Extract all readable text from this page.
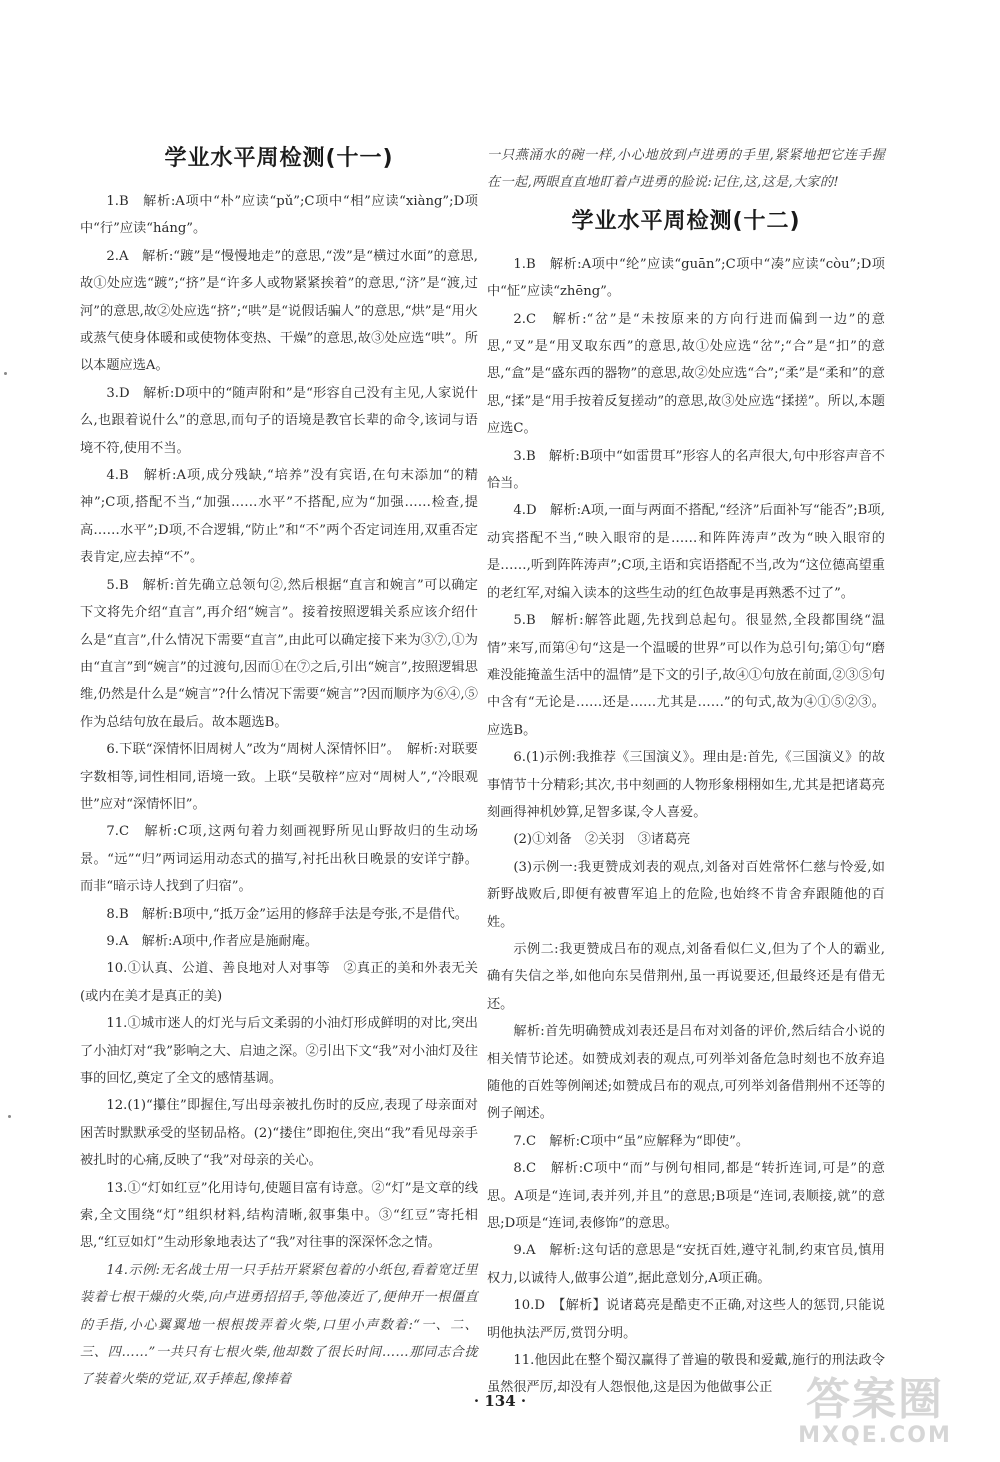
学业水平周检测(十一)

1.B　解析:A项中“朴”应读“pǔ”;C项中“相”应读“xiàng”;D项中“行”应读“háng”。

2.A　解析:“踱”是“慢慢地走”的意思,“泼”是“横过水面”的意思,故①处应选“踱”;“挤”是“许多人或物紧紧挨着”的意思,“济”是“渡,过河”的意思,故②处应选“挤”;“哄”是“说假话骗人”的意思,“烘”是“用火或蒸气使身体暖和或使物体变热、干燥”的意思,故③处应选“哄”。所以本题应选A。

3.D　解析:D项中的“随声附和”是“形容自己没有主见,人家说什么,也跟着说什么”的意思,而句子的语境是教官长辈的命令,该词与语境不符,使用不当。

4.B　解析:A项,成分残缺,“培养”没有宾语,在句末添加“的精神”;C项,搭配不当,“加强……水平”不搭配,应为“加强……检查,提高……水平”;D项,不合逻辑,“防止”和“不”两个否定词连用,双重否定表肯定,应去掉“不”。

5.B　解析:首先确立总领句②,然后根据“直言和婉言”可以确定下文将先介绍“直言”,再介绍“婉言”。接着按照逻辑关系应该介绍什么是“直言”,什么情况下需要“直言”,由此可以确定接下来为③⑦,①为由“直言”到“婉言”的过渡句,因而①在⑦之后,引出“婉言”,按照逻辑思维,仍然是什么是“婉言”?什么情况下需要“婉言”?因而顺序为⑥④,⑤作为总结句放在最后。故本题选B。

6.下联“深情怀旧周树人”改为“周树人深情怀旧”。　解析:对联要字数相等,词性相同,语境一致。上联“吴敬梓”应对“周树人”,“冷眼观世”应对“深情怀旧”。

7.C　解析:C项,这两句着力刻画视野所见山野故归的生动场景。“远”“归”两词运用动态式的描写,衬托出秋日晚景的安详宁静。而非“暗示诗人找到了归宿”。

8.B　解析:B项中,“抵万金”运用的修辞手法是夸张,不是借代。

9.A　解析:A项中,作者应是施耐庵。

10.①认真、公道、善良地对人对事等　②真正的美和外表无关(或内在美才是真正的美)

11.①城市迷人的灯光与后文柔弱的小油灯形成鲜明的对比,突出了小油灯对“我”影响之大、启迪之深。②引出下文“我”对小油灯及往事的回忆,奠定了全文的感情基调。

12.(1)“攥住”即握住,写出母亲被扎伤时的反应,表现了母亲面对困苦时默默承受的坚韧品格。(2)“搂住”即抱住,突出“我”看见母亲手被扎时的心痛,反映了“我”对母亲的关心。

13.①“灯如红豆”化用诗句,使题目富有诗意。②“灯”是文章的线索,全文围绕“灯”组织材料,结构清晰,叙事集中。③“红豆”寄托相思,“红豆如灯”生动形象地表达了“我”对往事的深深怀念之情。

14.示例:无名战士用一只手拈开紧紧包着的小纸包,看着宽迁里装着七根干燥的火柴,向卢进勇招招手,等他凑近了,便伸开一根僵直的手指,小心翼翼地一根根拨弄着火柴,口里小声数着:“一、二、三、四……”一共只有七根火柴,他却数了很长时间……那同志合拢了装着火柴的党证,双手捧起,像捧着

一只燕涌水的碗一样,小心地放到卢进勇的手里,紧紧地把它连手握在一起,两眼直直地盯着卢进勇的脸说:记住,这,这是,大家的!

学业水平周检测(十二)

1.B　解析:A项中“纶”应读“guān”;C项中“凑”应读“còu”;D项中“怔”应读“zhēng”。

2.C　解析:“岔”是“未按原来的方向行进而偏到一边”的意思,“叉”是“用叉取东西”的意思,故①处应选“岔”;“合”是“扣”的意思,“盒”是“盛东西的器物”的意思,故②处应选“合”;“柔”是“柔和”的意思,“揉”是“用手按着反复搓动”的意思,故③处应选“揉搓”。所以,本题应选C。

3.B　解析:B项中“如雷贯耳”形容人的名声很大,句中形容声音不恰当。

4.D　解析:A项,一面与两面不搭配,“经济”后面补写“能否”;B项,动宾搭配不当,“映入眼帘的是……和阵阵涛声”改为“映入眼帘的是……,听到阵阵涛声”;C项,主语和宾语搭配不当,改为“这位德高望重的老红军,对编入读本的这些生动的红色故事是再熟悉不过了”。

5.B　解析:解答此题,先找到总起句。很显然,全段都围绕“温情”来写,而第④句“这是一个温暖的世界”可以作为总引句;第①句“磨难没能掩盖生活中的温情”是下文的引子,故④①句放在前面,②③⑤句中含有“无论是……还是……尤其是……”的句式,故为④①⑤②③。应选B。

6.(1)示例:我推荐《三国演义》。理由是:首先,《三国演义》的故事情节十分精彩;其次,书中刻画的人物形象栩栩如生,尤其是把诸葛亮刻画得神机妙算,足智多谋,令人喜爱。

(2)①刘备　②关羽　③诸葛亮

(3)示例一:我更赞成刘表的观点,刘备对百姓常怀仁慈与怜爱,如新野战败后,即便有被曹军追上的危险,也始终不肯舍弃跟随他的百姓。

示例二:我更赞成吕布的观点,刘备看似仁义,但为了个人的霸业,确有失信之举,如他向东吴借荆州,虽一再说要还,但最终还是有借无还。

解析:首先明确赞成刘表还是吕布对刘备的评价,然后结合小说的相关情节论述。如赞成刘表的观点,可列举刘备危急时刻也不放弃追随他的百姓等例阐述;如赞成吕布的观点,可列举刘备借荆州不还等的例子阐述。

7.C　解析:C项中“虽”应解释为“即使”。

8.C　解析:C项中“而”与例句相同,都是“转折连词,可是”的意思。A项是“连词,表并列,并且”的意思;B项是“连词,表顺接,就”的意思;D项是“连词,表修饰”的意思。

9.A　解析:这句话的意思是“安抚百姓,遵守礼制,约束官员,慎用权力,以诚待人,做事公道”,据此意划分,A项正确。

10.D　【解析】说诸葛亮是酷吏不正确,对这些人的惩罚,只能说明他执法严厉,赏罚分明。

11.他因此在整个蜀汉赢得了普遍的敬畏和爱戴,施行的刑法政令虽然很严厉,却没有人怨恨他,这是因为他做事公正

· 134 ·	答案圈
MXQE.COM
